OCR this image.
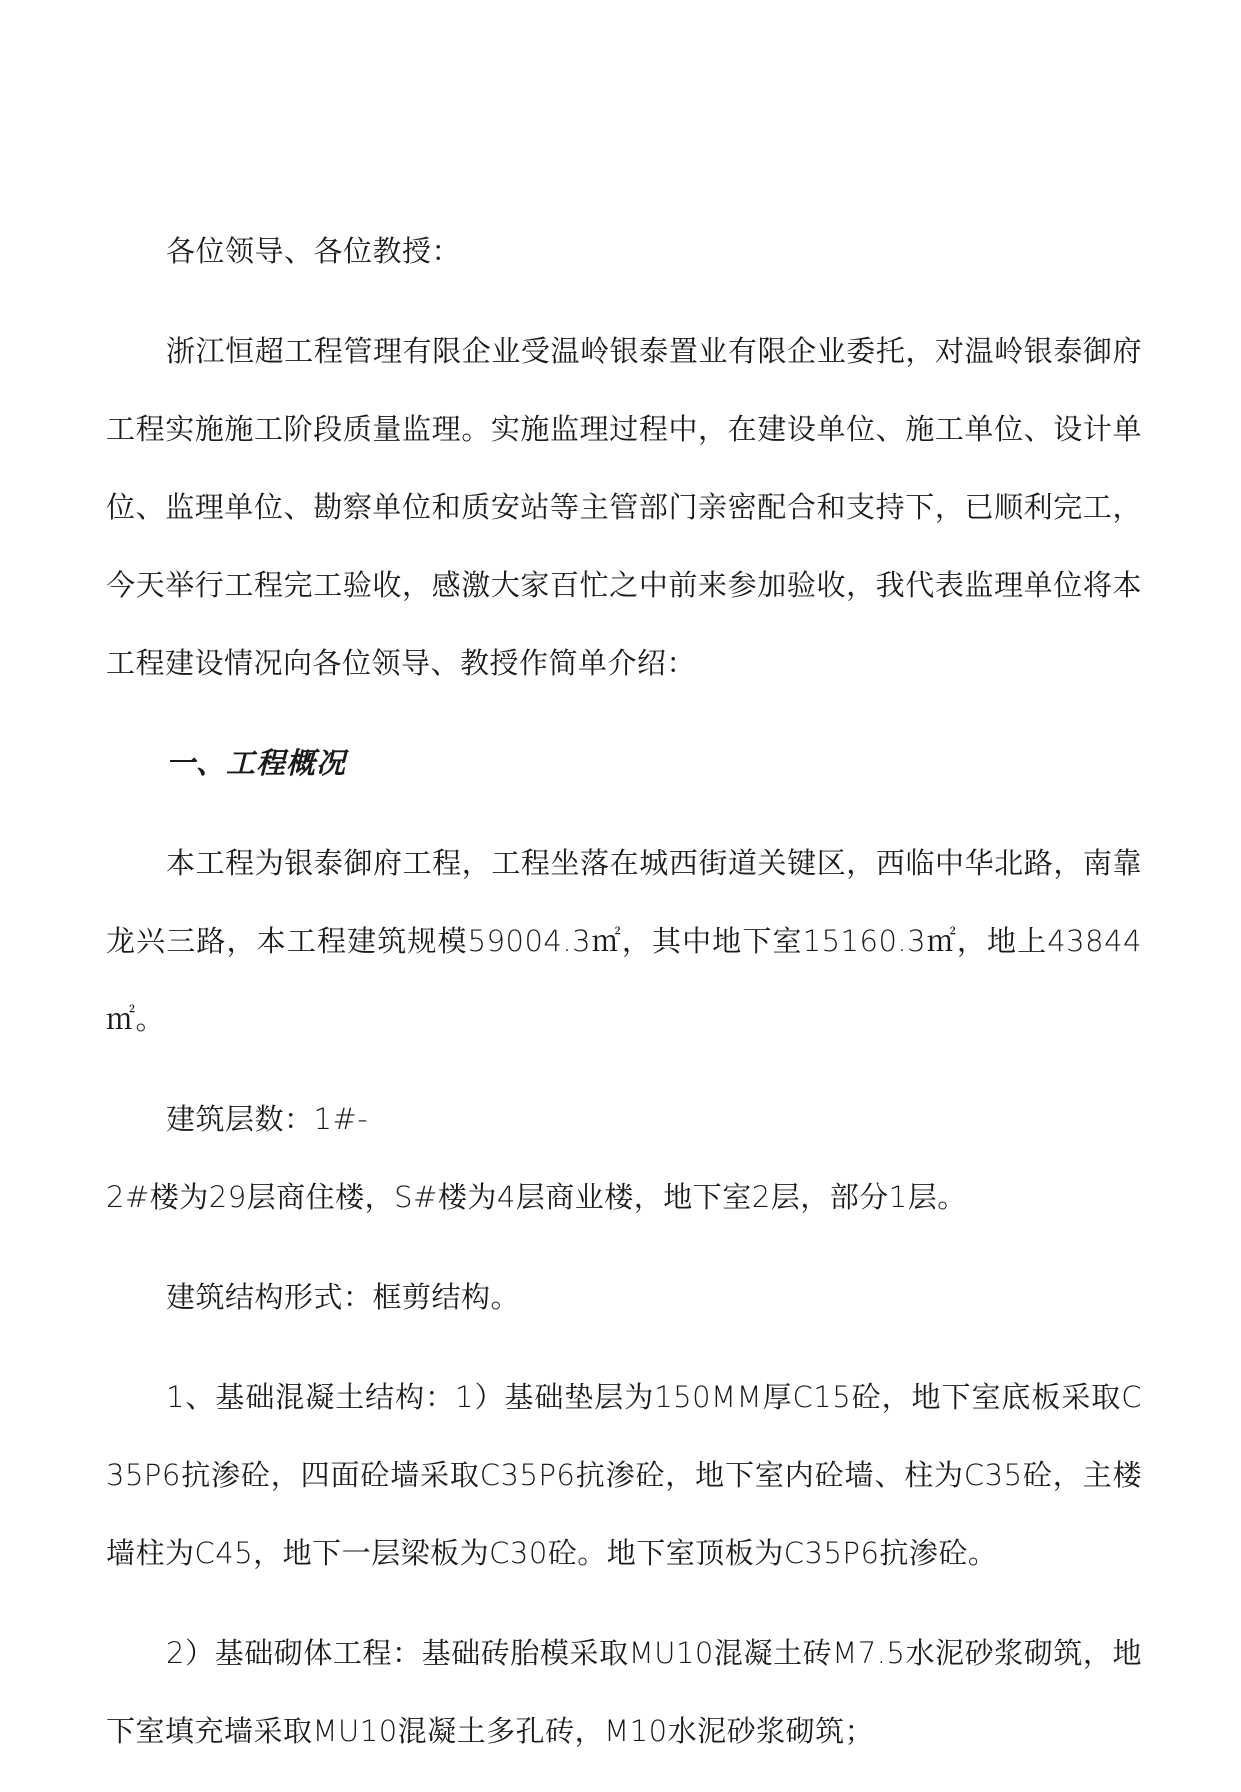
各位领导、各位教授：

浙江恒超工程管理有限企业受温岭银泰置业有限企业委托，对温岭银泰御府工程实施施工阶段质量监理。实施监理过程中，在建设单位、施工单位、设计单位、监理单位、勘察单位和质安站等主管部门亲密配合和支持下，已顺利完工，今天举行工程完工验收，感激大家百忙之中前来参加验收，我代表监理单位将本工程建设情况向各位领导、教授作简单介绍：

一、工程概况

本工程为银泰御府工程，工程坐落在城西街道关键区，西临中华北路，南靠龙兴三路，本工程建筑规模59004.3㎡，其中地下室15160.3㎡，地上43844㎡。

建筑层数：1#-

2#楼为29层商住楼，S#楼为4层商业楼，地下室2层，部分1层。

建筑结构形式：框剪结构。

1、基础混凝土结构：1）基础垫层为150MM厚C15砼，地下室底板采取C35P6抗渗砼，四面砼墙采取C35P6抗渗砼，地下室内砼墙、柱为C35砼，主楼墙柱为C45，地下一层梁板为C30砼。地下室顶板为C35P6抗渗砼。

2）基础砌体工程：基础砖胎模采取MU10混凝土砖M7.5水泥砂浆砌筑，地下室填充墙采取MU10混凝土多孔砖，M10水泥砂浆砌筑；
